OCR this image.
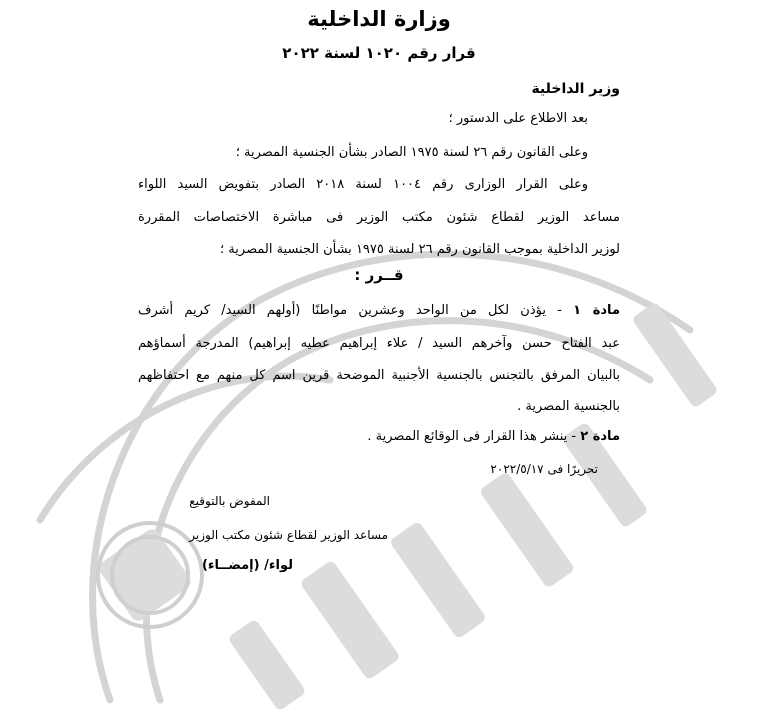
وزارة الداخلية
قرار رقم ١٠٢٠ لسنة ٢٠٢٢
وزير الداخلية
بعد الاطلاع على الدستور ؛
وعلى القانون رقم ٢٦ لسنة ١٩٧٥ الصادر بشأن الجنسية المصرية ؛
وعلى القرار الوزارى رقم ١٠٠٤ لسنة ٢٠١٨ الصادر بتفويض السيد اللواء
مساعد الوزير لقطاع شئون مكتب الوزير فى مباشرة الاختصاصات المقررة
لوزير الداخلية بموجب القانون رقم ٢٦ لسنة ١٩٧٥ بشأن الجنسية المصرية ؛
قــرر :
مادة ١ - يؤذن لكل من الواحد وعشرين مواطنًا (أولهم السيد/ كريم أشرف
عبد الفتاح حسن وآخرهم السيد / علاء إبراهيم عطيه إبراهيم) المدرجة أسماؤهم
بالبيان المرفق بالتجنس بالجنسية الأجنبية الموضحة قرين اسم كل منهم مع احتفاظهم
بالجنسية المصرية .
مادة ٢ - ينشر هذا القرار فى الوقائع المصرية .
تحريرًا فى ٢٠٢٢/٥/١٧
المفوض بالتوقيع
مساعد الوزير لقطاع شئون مكتب الوزير
لواء/ (إمضــاء)
